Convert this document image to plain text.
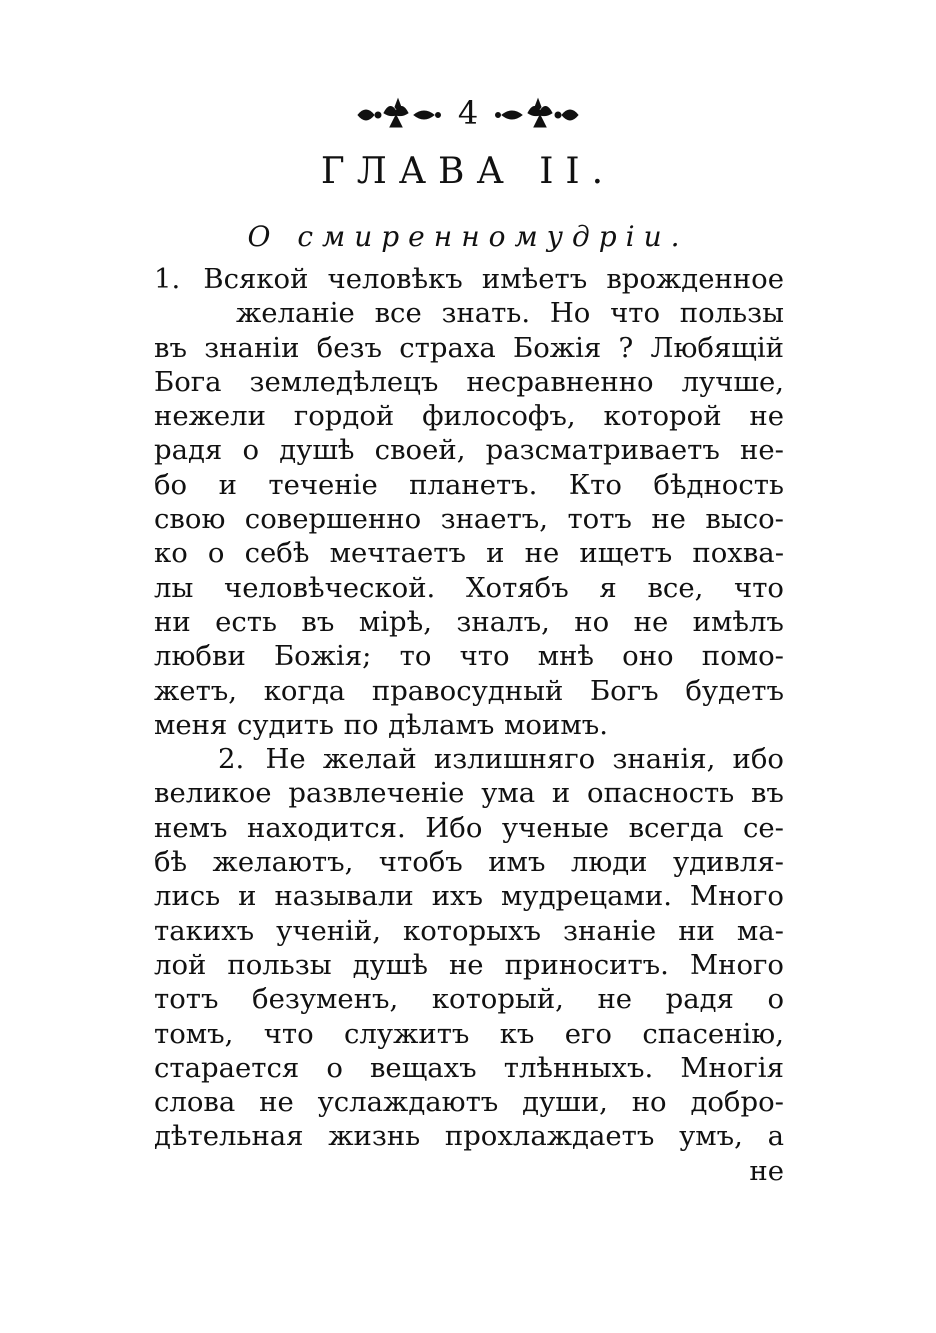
4
ГЛАВА II.
О смиренномудріи.
1. Всякой человѣкъ имѣетъ врожденное
желаніе все знать. Но что пользы
въ знаніи безъ страха Божія ? Любящій
Бога земледѣлецъ несравненно лучше,
нежели гордой философъ, которой не
радя о душѣ своей, разсматриваетъ не-
бо и теченіе планетъ. Кто бѣдность
свою совершенно знаетъ, тотъ не высо-
ко о себѣ мечтаетъ и не ищетъ похва-
лы человѣческой. Хотябъ я все, что
ни есть въ мірѣ, зналъ, но не имѣлъ
любви Божія; то что мнѣ оно помо-
жетъ, когда правосудный Богъ будетъ
меня судить по дѣламъ моимъ.
2. Не желай излишняго знанія, ибо
великое развлеченіе ума и опасность въ
немъ находится. Ибо ученые всегда се-
бѣ желаютъ, чтобъ имъ люди удивля-
лись и называли ихъ мудрецами. Много
такихъ ученій, которыхъ знаніе ни ма-
лой пользы душѣ не приноситъ. Много
тотъ безуменъ, который, не радя о
томъ, что служитъ къ его спасенію,
старается о вещахъ тлѣнныхъ. Многія
слова не услаждаютъ души, но добро-
дѣтельная жизнь прохлаждаетъ умъ, а
не
